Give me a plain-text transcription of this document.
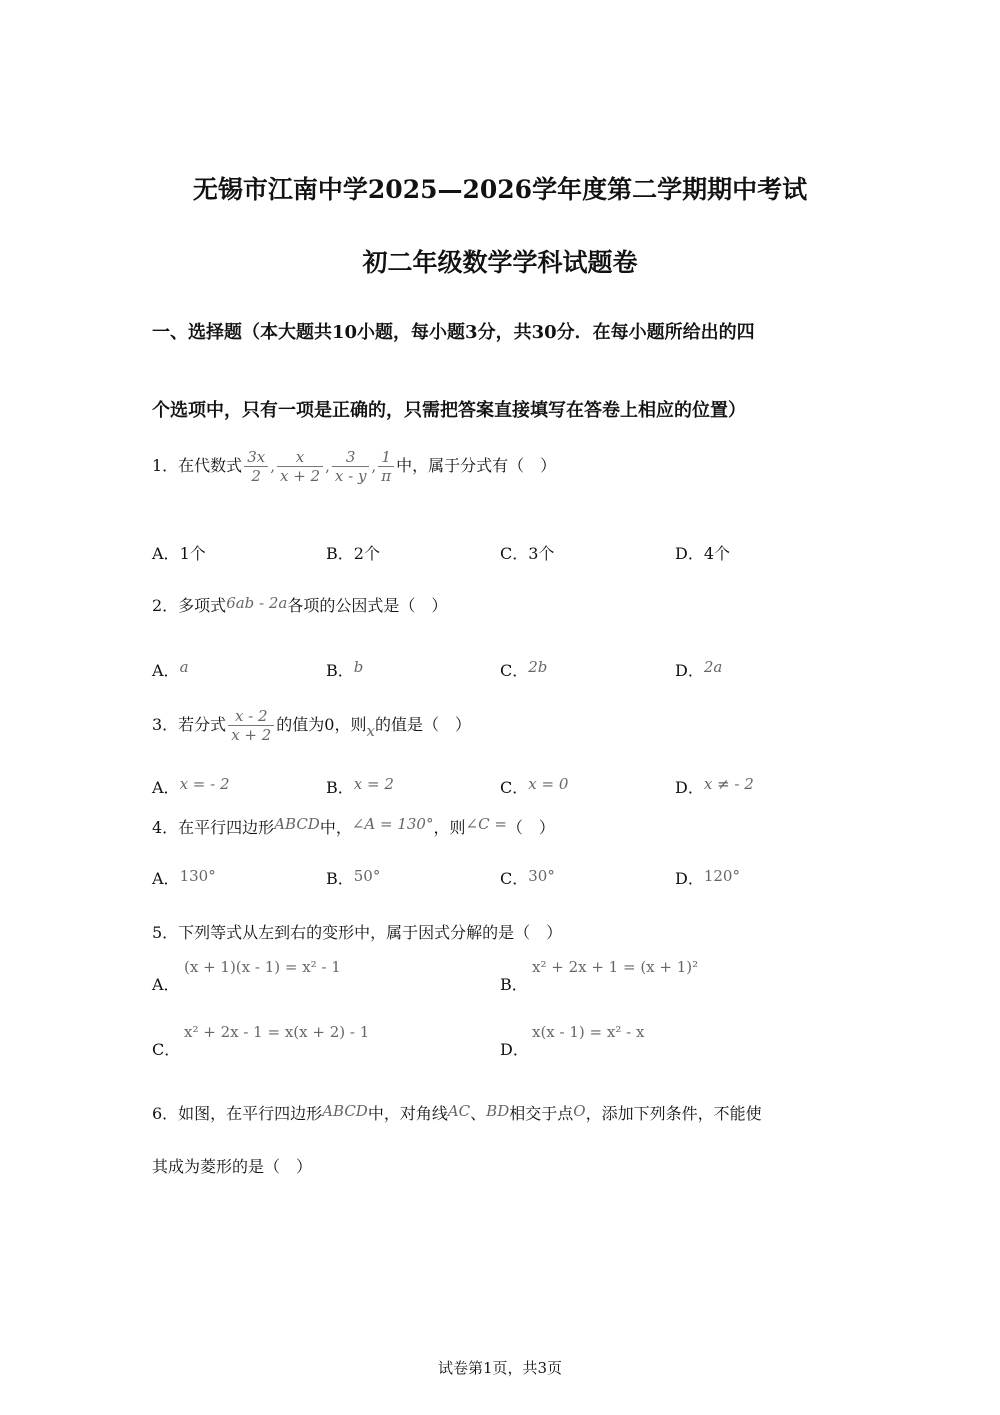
无锡市江南中学2025—2026学年度第二学期期中考试
初二年级数学学科试题卷
一、选择题（本大题共10小题，每小题3分，共30分．在每小题所给出的四
个选项中，只有一项是正确的，只需把答案直接填写在答卷上相应的位置）
1．在代数式 $\frac{3x}{2}$ , $\frac{x}{x + 2}$ , $\frac{3}{x - y}$ , $\frac{1}{\pi}$ 中，属于分式有（　）
A．1个	B．2个	C．3个	D．4个
2．多项式6ab - 2a各项的公因式是（　）
A．a	B．b	C．2b	D．2a
3．若分式 $\frac{x - 2}{x + 2}$ 的值为0，则x的值是（　）
A．x = - 2	B．x = 2	C．x = 0	D．x ≠ - 2
4．在平行四边形ABCD中，∠A = 130°，则∠C =（　）
A．130°	B．50°	C．30°	D．120°
5．下列等式从左到右的变形中，属于因式分解的是（　）
A．
(x + 1)(x - 1) = x² - 1
B．
x² + 2x + 1 = (x + 1)²
C．
x² + 2x - 1 = x(x + 2) - 1
D．
x(x - 1) = x² - x
6．如图，在平行四边形ABCD中，对角线AC、BD相交于点O，添加下列条件，不能使
其成为菱形的是（　）
试卷第1页，共3页
